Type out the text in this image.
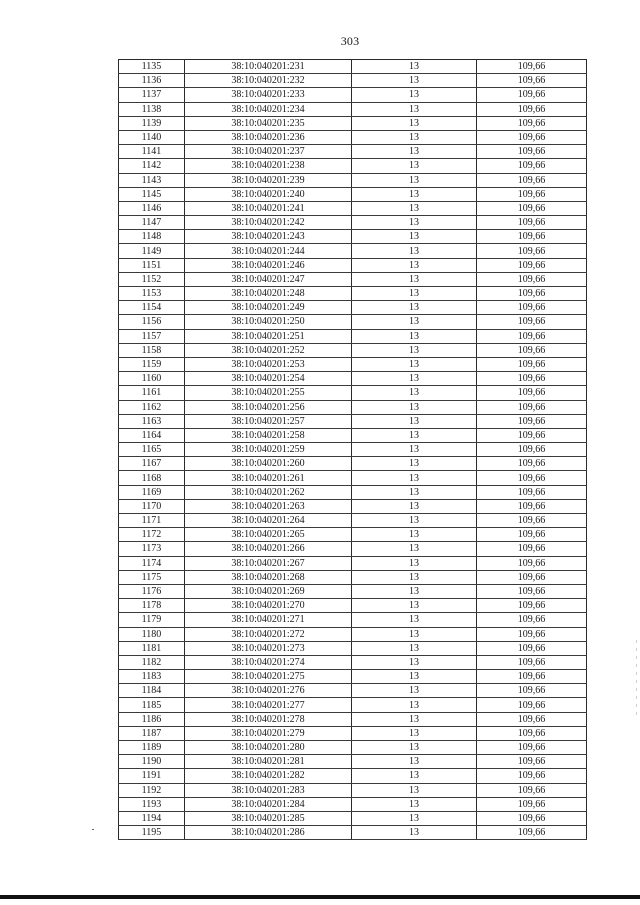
303
1135	38:10:040201:231	13	109,66
1136	38:10:040201:232	13	109,66
1137	38:10:040201:233	13	109,66
1138	38:10:040201:234	13	109,66
1139	38:10:040201:235	13	109,66
1140	38:10:040201:236	13	109,66
1141	38:10:040201:237	13	109,66
1142	38:10:040201:238	13	109,66
1143	38:10:040201:239	13	109,66
1145	38:10:040201:240	13	109,66
1146	38:10:040201:241	13	109,66
1147	38:10:040201:242	13	109,66
1148	38:10:040201:243	13	109,66
1149	38:10:040201:244	13	109,66
1151	38:10:040201:246	13	109,66
1152	38:10:040201:247	13	109,66
1153	38:10:040201:248	13	109,66
1154	38:10:040201:249	13	109,66
1156	38:10:040201:250	13	109,66
1157	38:10:040201:251	13	109,66
1158	38:10:040201:252	13	109,66
1159	38:10:040201:253	13	109,66
1160	38:10:040201:254	13	109,66
1161	38:10:040201:255	13	109,66
1162	38:10:040201:256	13	109,66
1163	38:10:040201:257	13	109,66
1164	38:10:040201:258	13	109,66
1165	38:10:040201:259	13	109,66
1167	38:10:040201:260	13	109,66
1168	38:10:040201:261	13	109,66
1169	38:10:040201:262	13	109,66
1170	38:10:040201:263	13	109,66
1171	38:10:040201:264	13	109,66
1172	38:10:040201:265	13	109,66
1173	38:10:040201:266	13	109,66
1174	38:10:040201:267	13	109,66
1175	38:10:040201:268	13	109,66
1176	38:10:040201:269	13	109,66
1178	38:10:040201:270	13	109,66
1179	38:10:040201:271	13	109,66
1180	38:10:040201:272	13	109,66
1181	38:10:040201:273	13	109,66
1182	38:10:040201:274	13	109,66
1183	38:10:040201:275	13	109,66
1184	38:10:040201:276	13	109,66
1185	38:10:040201:277	13	109,66
1186	38:10:040201:278	13	109,66
1187	38:10:040201:279	13	109,66
1189	38:10:040201:280	13	109,66
1190	38:10:040201:281	13	109,66
1191	38:10:040201:282	13	109,66
1192	38:10:040201:283	13	109,66
1193	38:10:040201:284	13	109,66
1194	38:10:040201:285	13	109,66
1195	38:10:040201:286	13	109,66
